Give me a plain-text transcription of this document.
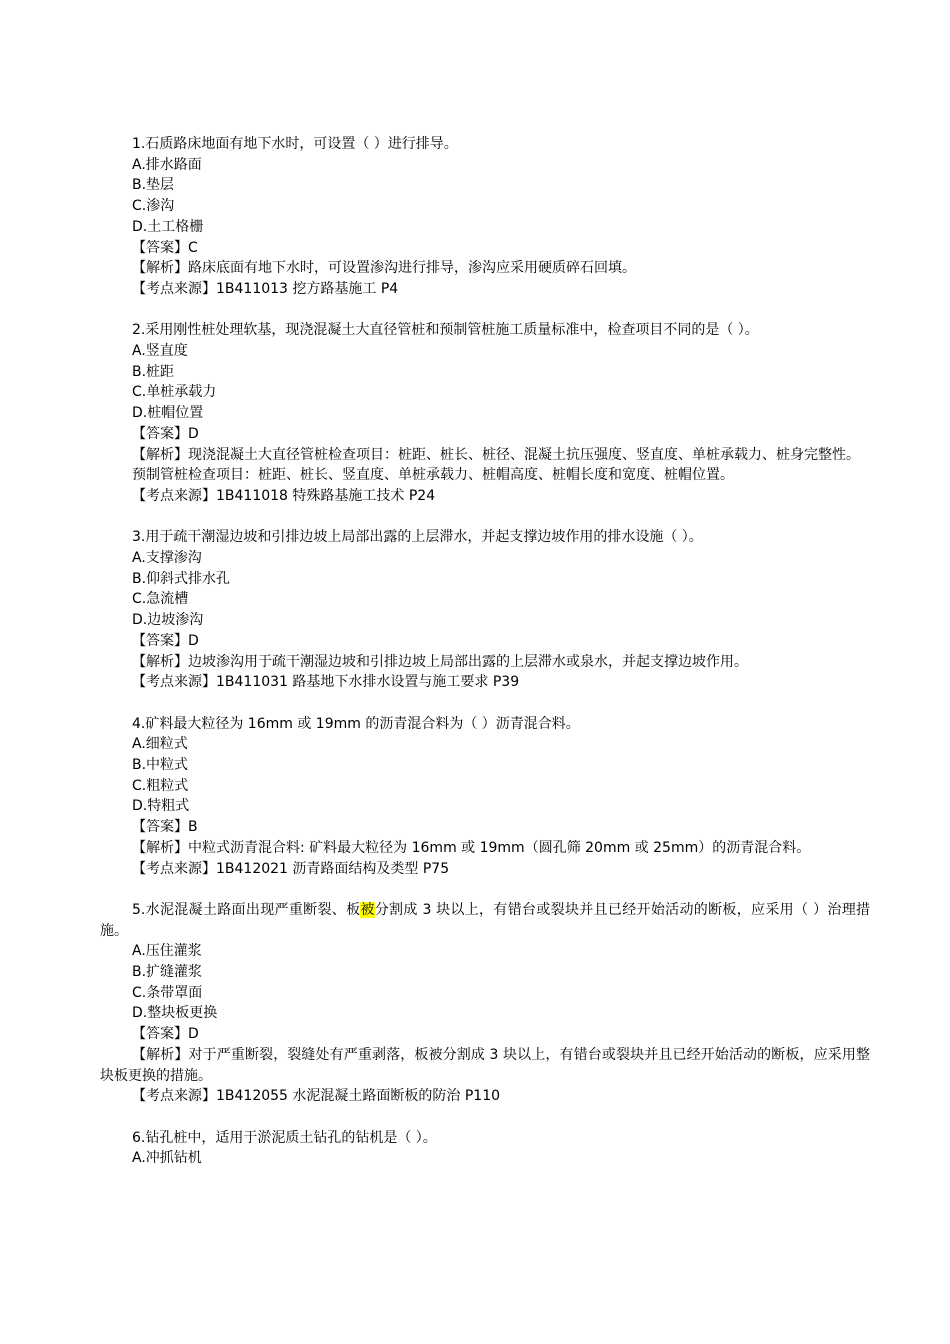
1.石质路床地面有地下水时，可设置（ ）进行排导。
A.排水路面
B.垫层
C.渗沟
D.土工格栅
【答案】C
【解析】路床底面有地下水时，可设置渗沟进行排导，渗沟应采用硬质碎石回填。
【考点来源】1B411013 挖方路基施工 P4
2.采用刚性桩处理软基，现浇混凝土大直径管桩和预制管桩施工质量标准中，检查项目不同的是（ ）。
A.竖直度
B.桩距
C.单桩承载力
D.桩帽位置
【答案】D
【解析】现浇混凝土大直径管桩检查项目：桩距、桩长、桩径、混凝土抗压强度、竖直度、单桩承载力、桩身完整性。
预制管桩检查项目：桩距、桩长、竖直度、单桩承载力、桩帽高度、桩帽长度和宽度、桩帽位置。
【考点来源】1B411018 特殊路基施工技术 P24
3.用于疏干潮湿边坡和引排边坡上局部出露的上层滞水，并起支撑边坡作用的排水设施（ ）。
A.支撑渗沟
B.仰斜式排水孔
C.急流槽
D.边坡渗沟
【答案】D
【解析】边坡渗沟用于疏干潮湿边坡和引排边坡上局部出露的上层滞水或泉水，并起支撑边坡作用。
【考点来源】1B411031 路基地下水排水设置与施工要求 P39
4.矿料最大粒径为 16mm 或 19mm 的沥青混合料为（ ）沥青混合料。
A.细粒式
B.中粒式
C.粗粒式
D.特粗式
【答案】B
【解析】中粒式沥青混合料: 矿料最大粒径为 16mm 或 19mm（圆孔筛 20mm 或 25mm）的沥青混合料。
【考点来源】1B412021 沥青路面结构及类型 P75
5.水泥混凝土路面出现严重断裂、板被分割成 3 块以上，有错台或裂块并且已经开始活动的断板，应采用（ ）治理措施。
A.压住灌浆
B.扩缝灌浆
C.条带罩面
D.整块板更换
【答案】D
【解析】对于严重断裂，裂缝处有严重剥落，板被分割成 3 块以上，有错台或裂块并且已经开始活动的断板，应采用整块板更换的措施。
【考点来源】1B412055 水泥混凝土路面断板的防治 P110
6.钻孔桩中，适用于淤泥质土钻孔的钻机是（ ）。
A.冲抓钻机
